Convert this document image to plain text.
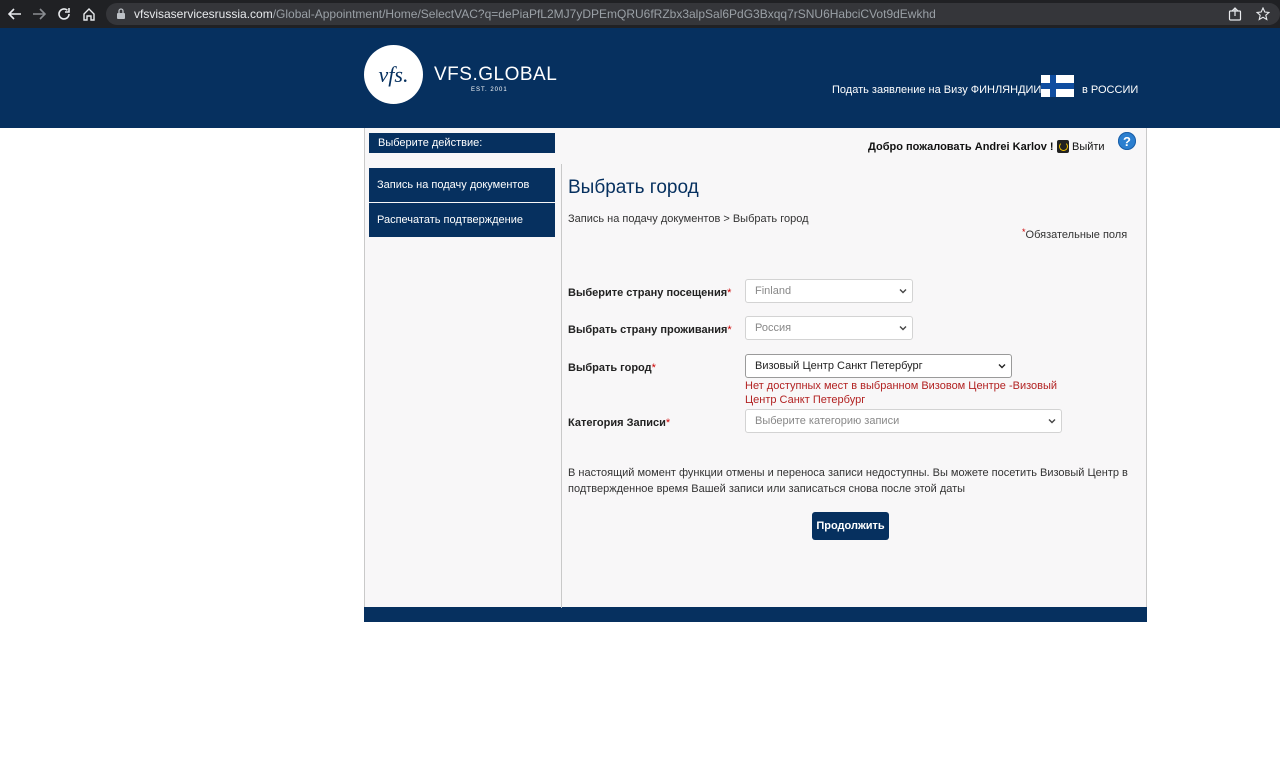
vfsvisaservicesrussia.com/Global-Appointment/Home/SelectVAC?q=dePiaPfL2MJ7yDPEmQRU6fRZbx3alpSal6PdG3Bxqq7rSNU6HabciCVot9dEwkhd
vfs. VFS.GLOBAL
EST. 2001	Подать заявление на Визу ФИНЛЯНДИИ	в РОССИИ
Выберите действие:
Запись на подачу документов
Распечатать подтверждение
Добро пожаловать Andrei Karlov ! Выйти	?
Выбрать город
Запись на подачу документов > Выбрать город
*Обязательные поля
Выберите страну посещения*	Finland
Выбрать страну проживания*	Россия
Выбрать город*	Визовый Центр Санкт Петербург
Нет доступных мест в выбранном Визовом Центре -Визовый Центр Санкт Петербург
Категория Записи*	Выберите категорию записи
В настоящий момент функции отмены и переноса записи недоступны. Вы можете посетить Визовый Центр в подтвержденное время Вашей записи или записаться снова после этой даты
Продолжить
